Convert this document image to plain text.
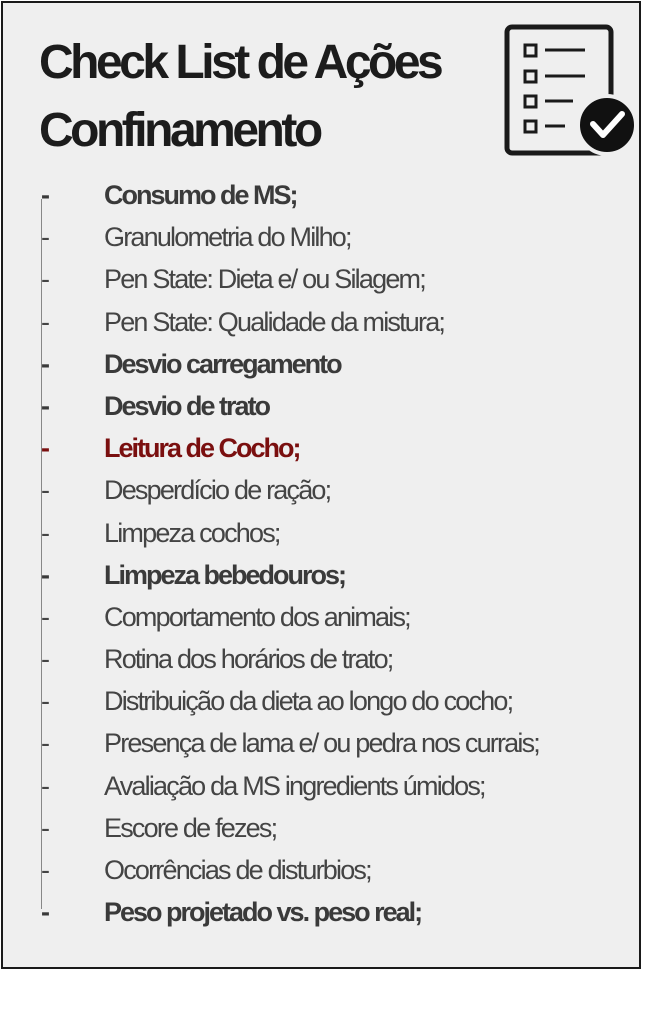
Check List de Ações
Confinamento
- Consumo de MS;
- Granulometria do Milho;
- Pen State: Dieta e/ ou Silagem;
- Pen State: Qualidade da mistura;
- Desvio carregamento
- Desvio de trato
- Leitura de Cocho;
- Desperdício de ração;
- Limpeza cochos;
- Limpeza bebedouros;
- Comportamento dos animais;
- Rotina dos horários de trato;
- Distribuição da dieta ao longo do cocho;
- Presença de lama e/ ou pedra nos currais;
- Avaliação da MS ingredients úmidos;
- Escore de fezes;
- Ocorrências de disturbios;
- Peso projetado vs. peso real;
